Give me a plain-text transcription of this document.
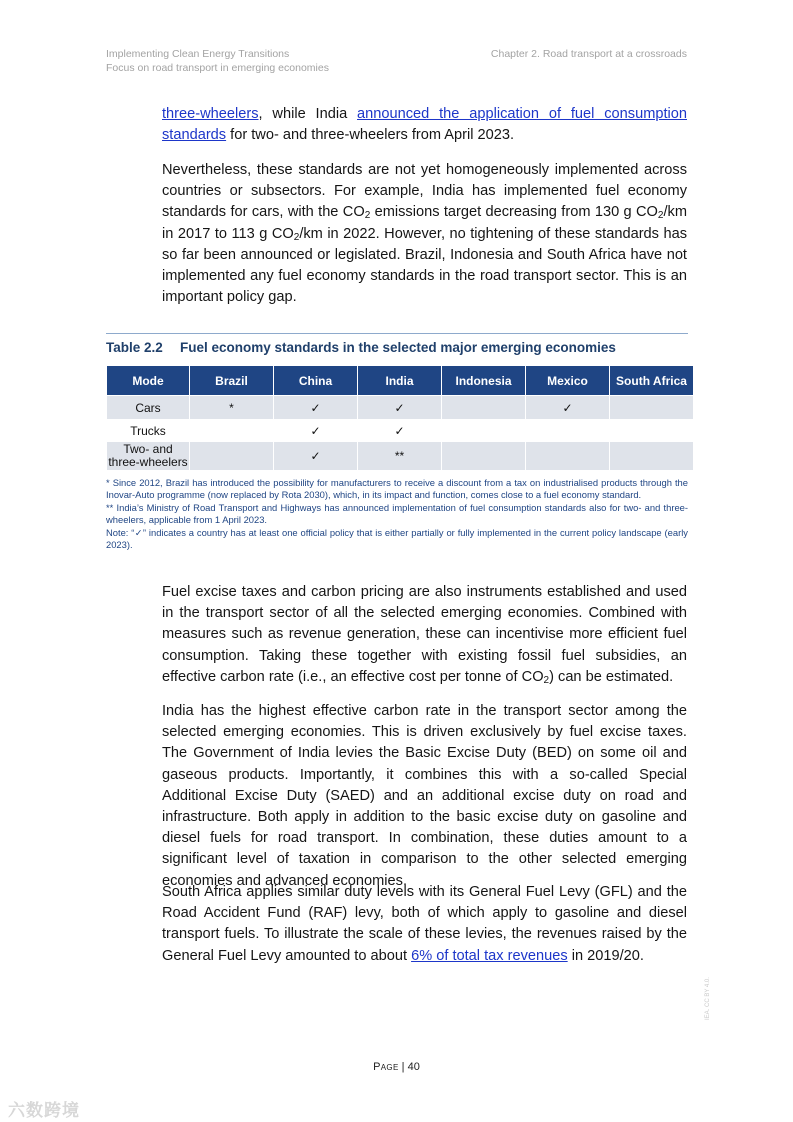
Implementing Clean Energy Transitions
Focus on road transport in emerging economies
Chapter 2. Road transport at a crossroads

three-wheelers, while India announced the application of fuel consumption standards for two- and three-wheelers from April 2023.

Nevertheless, these standards are not yet homogeneously implemented across countries or subsectors. For example, India has implemented fuel economy standards for cars, with the $CO_2$ emissions target decreasing from 130 g $CO_2/km$ in 2017 to 113 g $CO_2/km$ in 2022. However, no tightening of these standards has so far been announced or legislated. Brazil, Indonesia and South Africa have not implemented any fuel economy standards in the road transport sector. This is an important policy gap.

Table 2.2 Fuel economy standards in the selected major emerging economies
Mode	Brazil	China	India	Indonesia	Mexico	South Africa
Cars	*	✓	✓		✓	
Trucks		✓	✓			
Two- and three-wheelers		✓	**			
* Since 2012, Brazil has introduced the possibility for manufacturers to receive a discount from a tax on industrialised products through the Inovar-Auto programme (now replaced by Rota 2030), which, in its impact and function, comes close to a fuel economy standard.
** India’s Ministry of Road Transport and Highways has announced implementation of fuel consumption standards also for two- and three-wheelers, applicable from 1 April 2023.
Note: “✓” indicates a country has at least one official policy that is either partially or fully implemented in the current policy landscape (early 2023).

Fuel excise taxes and carbon pricing are also instruments established and used in the transport sector of all the selected emerging economies. Combined with measures such as revenue generation, these can incentivise more efficient fuel consumption. Taking these together with existing fossil fuel subsidies, an effective carbon rate (i.e., an effective cost per tonne of $CO_2$) can be estimated.

India has the highest effective carbon rate in the transport sector among the selected emerging economies. This is driven exclusively by fuel excise taxes. The Government of India levies the Basic Excise Duty (BED) on some oil and gaseous products. Importantly, it combines this with a so-called Special Additional Excise Duty (SAED) and an additional excise duty on road and infrastructure. Both apply in addition to the basic excise duty on gasoline and diesel fuels for road transport. In combination, these duties amount to a significant level of taxation in comparison to the other selected emerging economies and advanced economies.

South Africa applies similar duty levels with its General Fuel Levy (GFL) and the Road Accident Fund (RAF) levy, both of which apply to gasoline and diesel transport fuels. To illustrate the scale of these levies, the revenues raised by the General Fuel Levy amounted to about 6% of total tax revenues in 2019/20.

Page | 40
IEA. CC BY 4.0.
六数跨境
